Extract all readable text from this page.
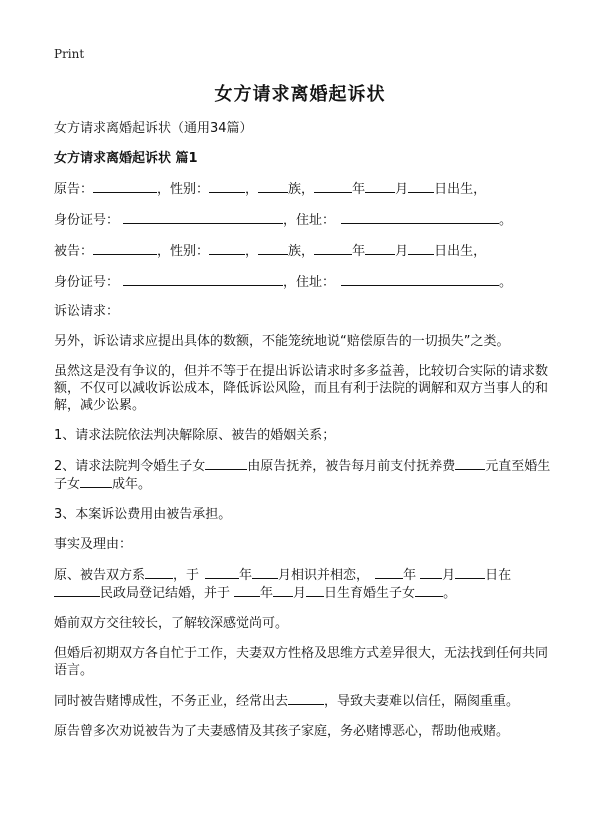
Print
女方请求离婚起诉状

女方请求离婚起诉状（通用34篇）

女方请求离婚起诉状 篇1

原告：	，性别：	， 族，	年 月 日出生，

身份证号：	，住址：	。

被告：	，性别：	， 族，	年 月 日出生，

身份证号：	，住址：	。

诉讼请求：

另外，诉讼请求应提出具体的数额，不能笼统地说“赔偿原告的一切损失”之类。

虽然这是没有争议的，但并不等于在提出诉讼请求时多多益善，比较切合实际的请求数额，不仅可以减收诉讼成本，降低诉讼风险，而且有利于法院的调解和双方当事人的和解，减少讼累。

1、请求法院依法判决解除原、被告的婚姻关系；

2、请求法院判令婚生子女	由原告抚养，被告每月前支付抚养费 元直至婚生子女 成年。

3、本案诉讼费用由被告承担。

事实及理由：

原、被告双方系 ，于	年 月相识并相恋，	年 月 日在民政局登记结婚，并于 年 月 日生育婚生子女 。

婚前双方交往较长，了解较深感觉尚可。

但婚后初期双方各自忙于工作，夫妻双方性格及思维方式差异很大，无法找到任何共同语言。

同时被告赌博成性，不务正业，经常出去	，导致夫妻难以信任，隔阂重重。

原告曾多次劝说被告为了夫妻感情及其孩子家庭，务必赌博恶心，帮助他戒赌。
